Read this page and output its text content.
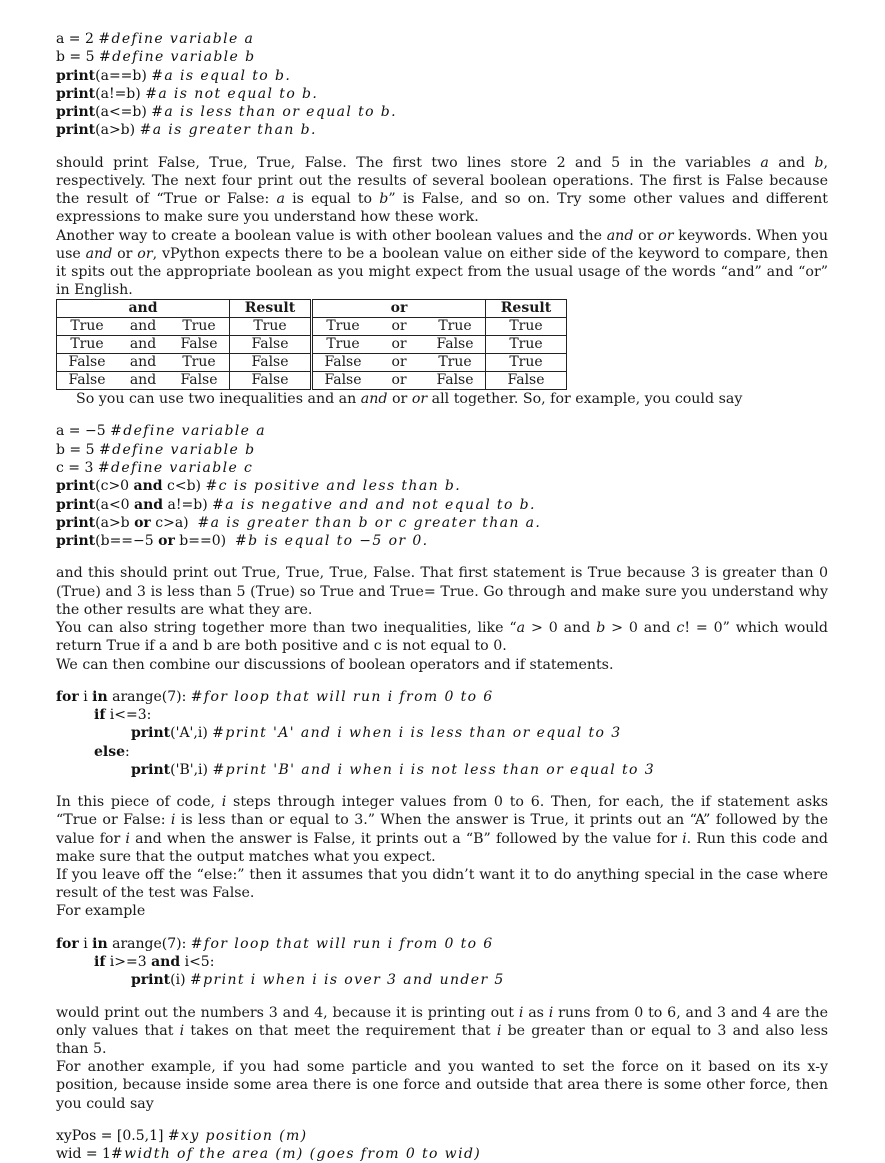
a = 2 #define variable a
b = 5 #define variable b
print(a==b) #a is equal to b.
print(a!=b) #a is not equal to b.
print(a<=b) #a is less than or equal to b.
print(a>b) #a is greater than b.

should print False, True, True, False. The first two lines store 2 and 5 in the variables a and b, respectively. The next four print out the results of several boolean operations. The first is False because the result of “True or False: a is equal to b” is False, and so on. Try some other values and different expressions to make sure you understand how these work.

Another way to create a boolean value is with other boolean values and the and or or keywords. When you use and or or, vPython expects there to be a boolean value on either side of the keyword to compare, then it spits out the appropriate boolean as you might expect from the usual usage of the words “and” and “or” in English.

and			Result	or			Result
True	and	True	True	True	or	True	True
True	and	False	False	True	or	False	True
False	and	True	False	False	or	True	True
False	and	False	False	False	or	False	False

So you can use two inequalities and an and or or all together. So, for example, you could say

a = −5 #define variable a
b = 5 #define variable b
c = 3 #define variable c
print(c>0 and c<b) #c is positive and less than b.
print(a<0 and a!=b) #a is negative and and not equal to b.
print(a>b or c>a)  #a is greater than b or c greater than a.
print(b==−5 or b==0)  #b is equal to −5 or 0.

and this should print out True, True, True, False. That first statement is True because 3 is greater than 0 (True) and 3 is less than 5 (True) so True and True= True. Go through and make sure you understand why the other results are what they are.

You can also string together more than two inequalities, like “a > 0 and b > 0 and c! = 0” which would return True if a and b are both positive and c is not equal to 0.

We can then combine our discussions of boolean operators and if statements.

for i in arange(7): #for loop that will run i from 0 to 6
if i<=3:
print('A',i) #print 'A' and i when i is less than or equal to 3
else:
print('B',i) #print 'B' and i when i is not less than or equal to 3

In this piece of code, i steps through integer values from 0 to 6. Then, for each, the if statement asks “True or False: i is less than or equal to 3.” When the answer is True, it prints out an “A” followed by the value for i and when the answer is False, it prints out a “B” followed by the value for i. Run this code and make sure that the output matches what you expect.

If you leave off the “else:” then it assumes that you didn’t want it to do anything special in the case where result of the test was False.

For example

for i in arange(7): #for loop that will run i from 0 to 6
if i>=3 and i<5:
print(i) #print i when i is over 3 and under 5

would print out the numbers 3 and 4, because it is printing out i as i runs from 0 to 6, and 3 and 4 are the only values that i takes on that meet the requirement that i be greater than or equal to 3 and also less than 5.

For another example, if you had some particle and you wanted to set the force on it based on its x-y position, because inside some area there is one force and outside that area there is some other force, then you could say

xyPos = [0.5,1] #xy position (m)
wid = 1#width of the area (m) (goes from 0 to wid)
